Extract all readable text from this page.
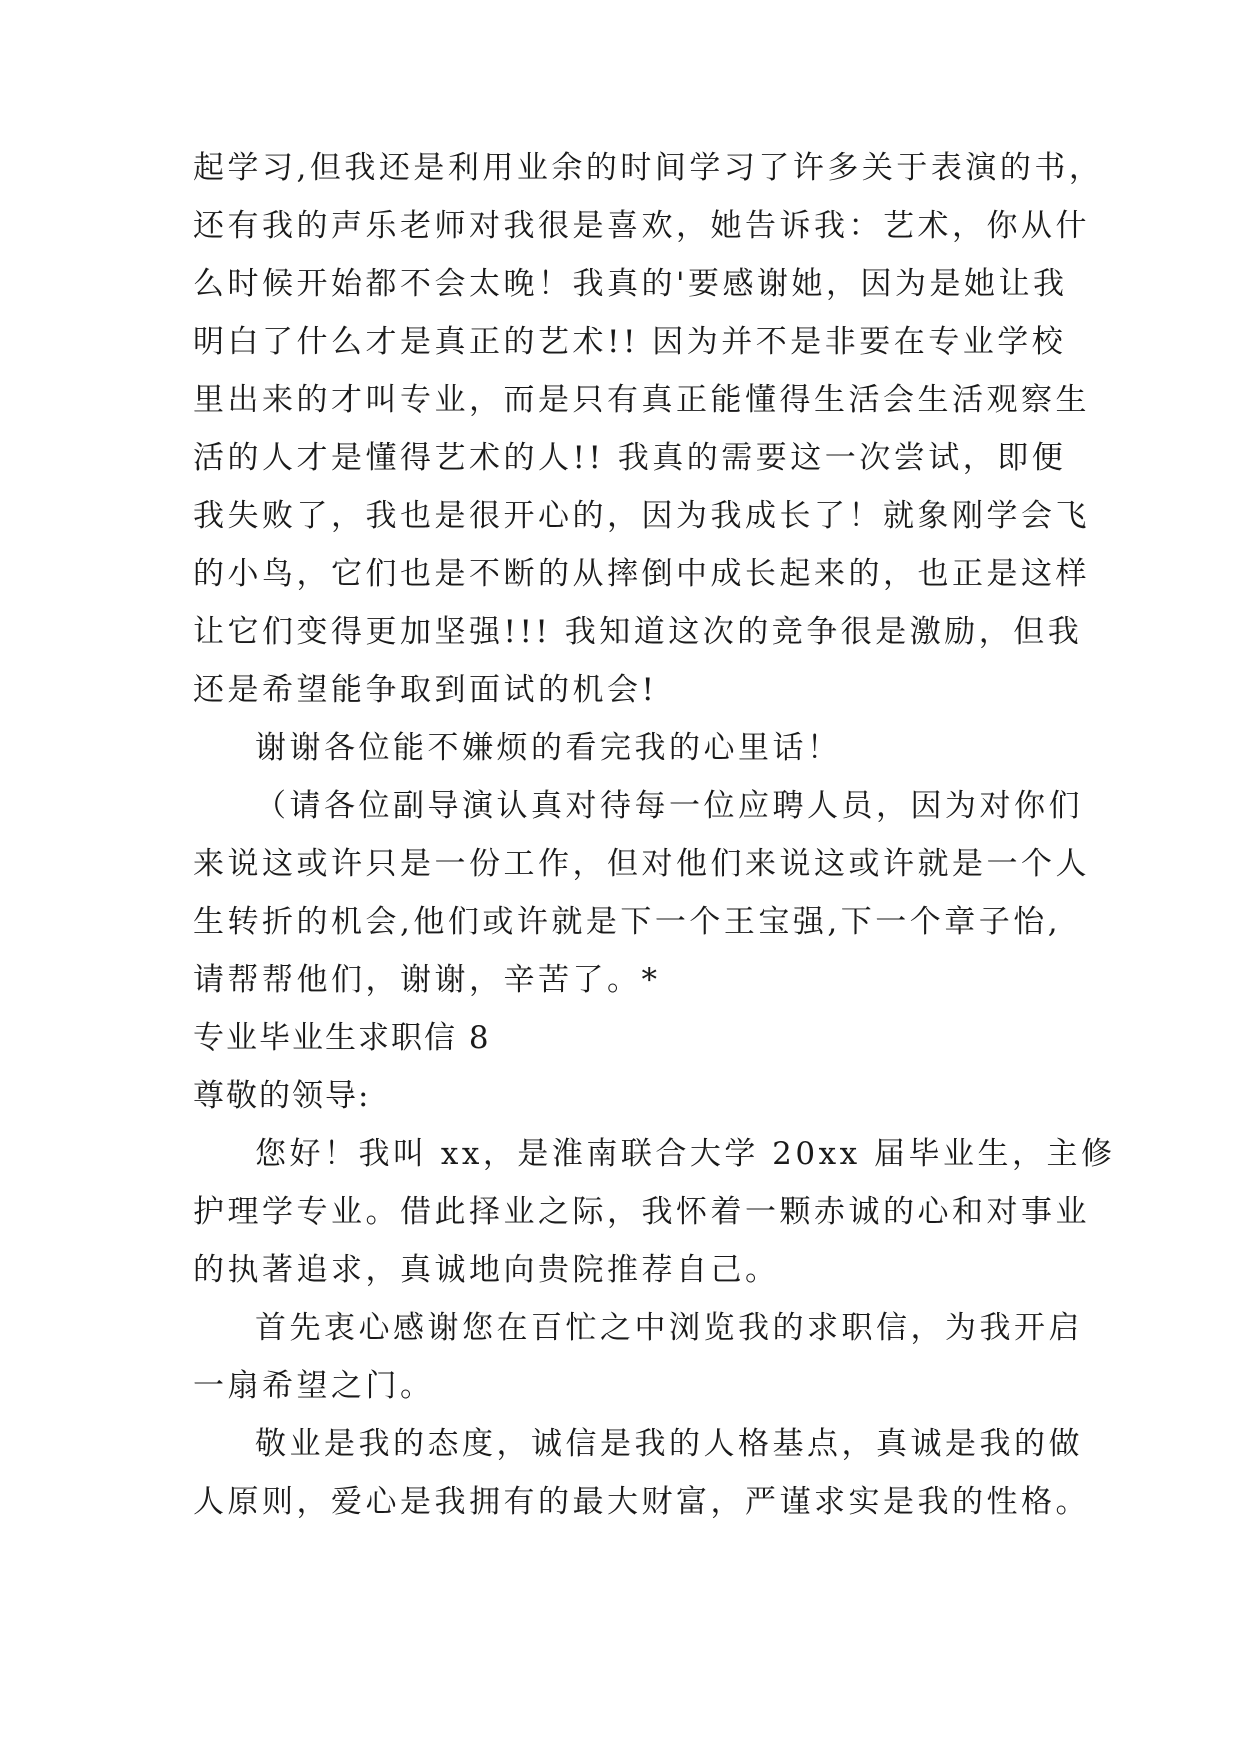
起学习,但我还是利用业余的时间学习了许多关于表演的书，
还有我的声乐老师对我很是喜欢，她告诉我：艺术，你从什
么时候开始都不会太晚！我真的'要感谢她，因为是她让我
明白了什么才是真正的艺术!! 因为并不是非要在专业学校
里出来的才叫专业，而是只有真正能懂得生活会生活观察生
活的人才是懂得艺术的人!! 我真的需要这一次尝试，即便
我失败了，我也是很开心的，因为我成长了！就象刚学会飞
的小鸟，它们也是不断的从摔倒中成长起来的，也正是这样
让它们变得更加坚强!!! 我知道这次的竞争很是激励，但我
还是希望能争取到面试的机会!
谢谢各位能不嫌烦的看完我的心里话！
（请各位副导演认真对待每一位应聘人员，因为对你们
来说这或许只是一份工作，但对他们来说这或许就是一个人
生转折的机会,他们或许就是下一个王宝强,下一个章子怡,
请帮帮他们，谢谢，辛苦了。*
专业毕业生求职信 8
尊敬的领导:
您好！我叫 xx，是淮南联合大学 20xx 届毕业生，主修
护理学专业。借此择业之际，我怀着一颗赤诚的心和对事业
的执著追求，真诚地向贵院推荐自己。
首先衷心感谢您在百忙之中浏览我的求职信，为我开启
一扇希望之门。
敬业是我的态度，诚信是我的人格基点，真诚是我的做
人原则，爱心是我拥有的最大财富，严谨求实是我的性格。
